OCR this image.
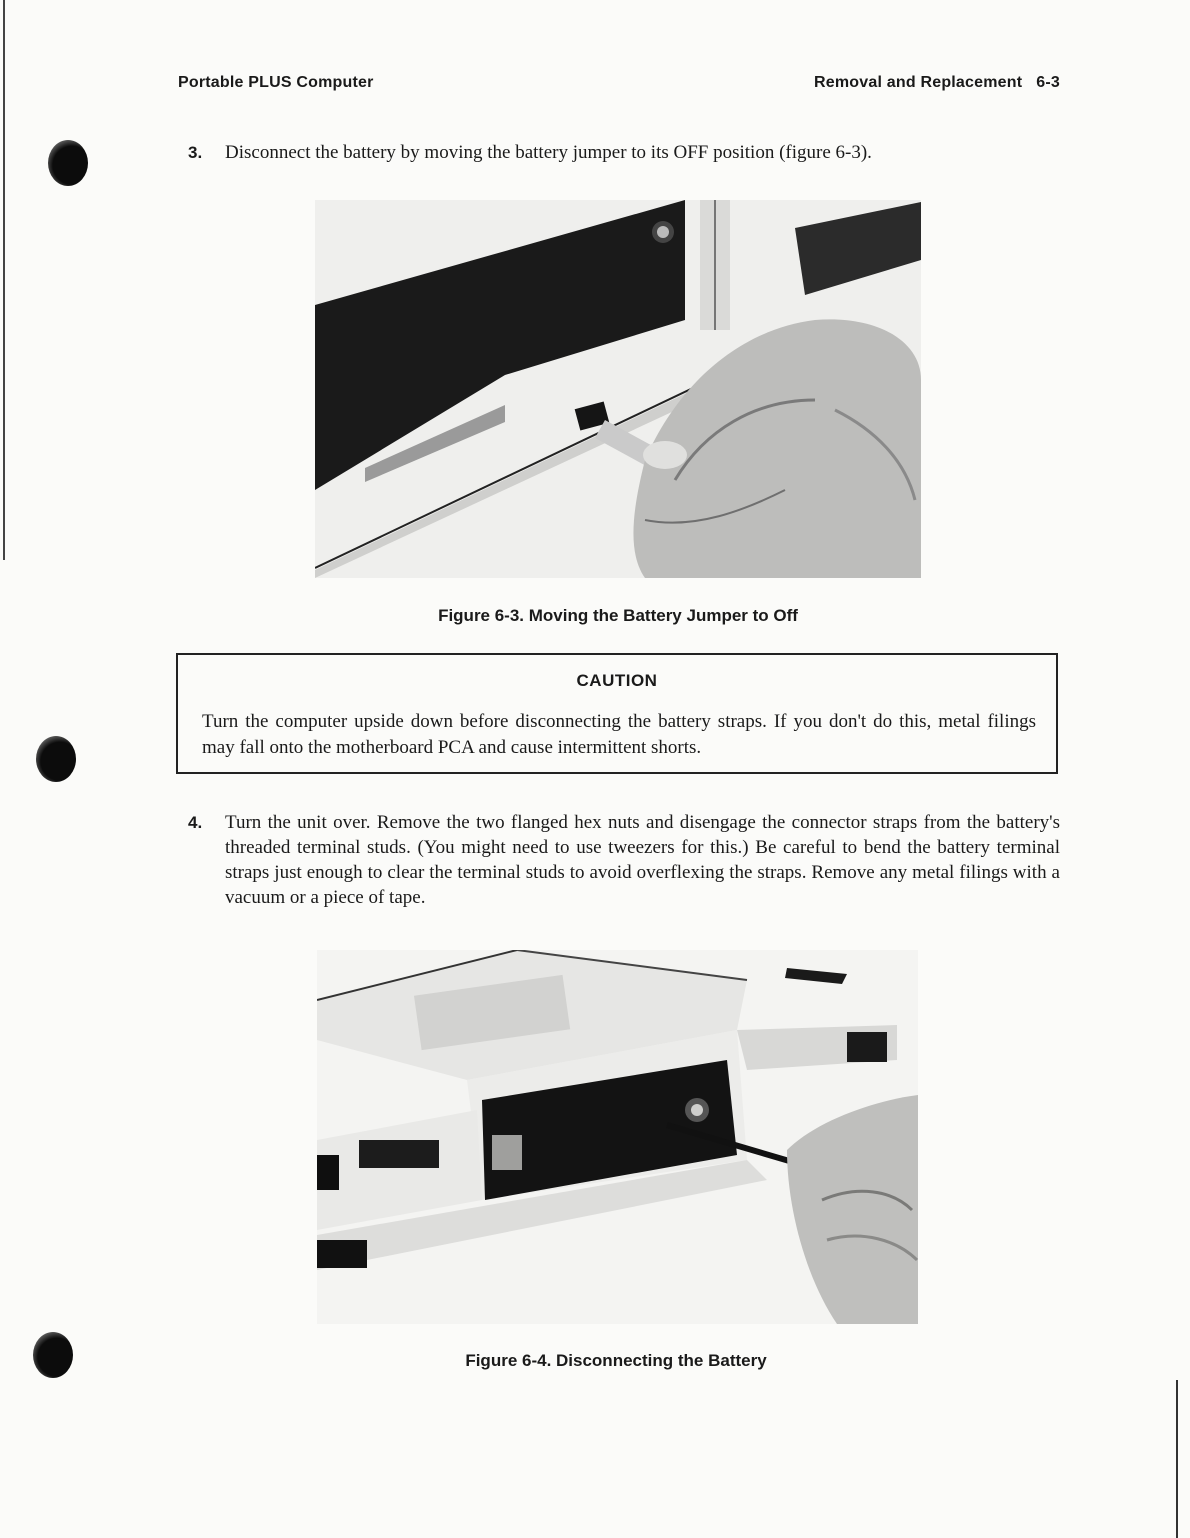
Portable PLUS Computer	Removal and Replacement 6-3
3.	Disconnect the battery by moving the battery jumper to its OFF position (figure 6-3).
Figure 6-3. Moving the Battery Jumper to Off
CAUTION
Turn the computer upside down before disconnecting the battery straps. If you don't do this, metal filings may fall onto the motherboard PCA and cause intermittent shorts.
4.	Turn the unit over. Remove the two flanged hex nuts and disengage the connector straps from the battery's threaded terminal studs. (You might need to use tweezers for this.) Be careful to bend the battery terminal straps just enough to clear the terminal studs to avoid overflexing the straps. Remove any metal filings with a vacuum or a piece of tape.
Figure 6-4. Disconnecting the Battery
